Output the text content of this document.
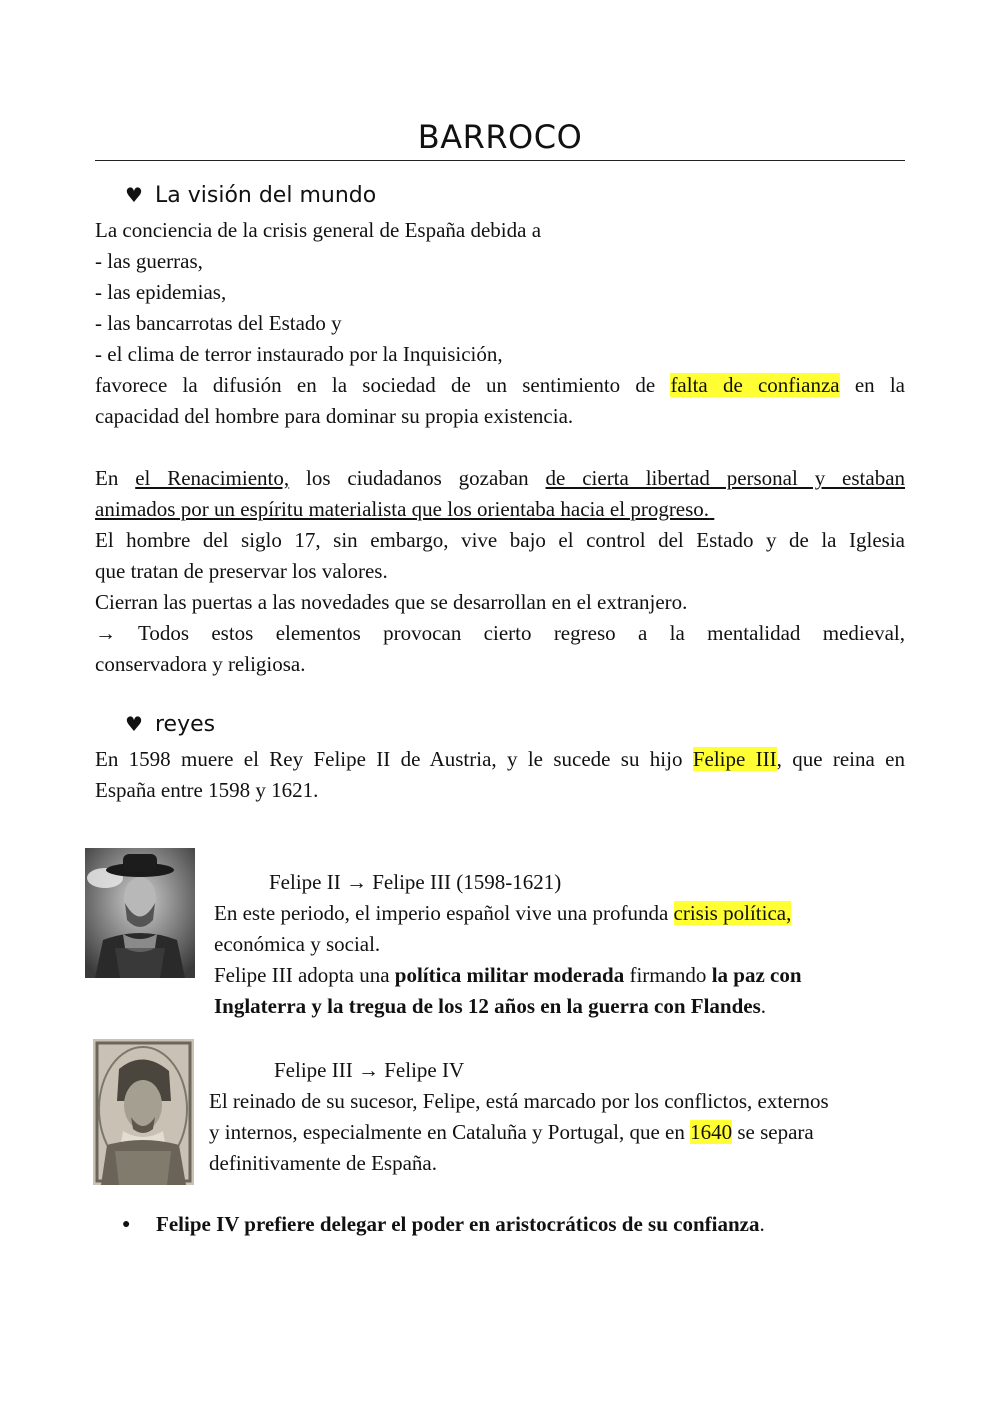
BARROCO
♥ La visión del mundo
La conciencia de la crisis general de España debida a
- las guerras,
- las epidemias,
- las bancarrotas del Estado y
- el clima de terror instaurado por la Inquisición,
favorece la difusión en la sociedad de un sentimiento de falta de confianza en la
capacidad del hombre para dominar su propia existencia.

En el Renacimiento, los ciudadanos gozaban de cierta libertad personal y estaban
animados por un espíritu materialista que los orientaba hacia el progreso.
El hombre del siglo 17, sin embargo, vive bajo el control del Estado y de la Iglesia
que tratan de preservar los valores.
Cierran las puertas a las novedades que se desarrollan en el extranjero.
→ Todos estos elementos provocan cierto regreso a la mentalidad medieval,
conservadora y religiosa.
♥ reyes
En 1598 muere el Rey Felipe II de Austria, y le sucede su hijo Felipe III, que reina en
España entre 1598 y 1621.
Felipe II → Felipe III (1598-1621)
En este periodo, el imperio español vive una profunda crisis política,
económica y social.
Felipe III adopta una política militar moderada firmando la paz con
Inglaterra y la tregua de los 12 años en la guerra con Flandes.
Felipe III → Felipe IV
El reinado de su sucesor, Felipe, está marcado por los conflictos, externos
y internos, especialmente en Cataluña y Portugal, que en 1640 se separa
definitivamente de España.
● Felipe IV prefiere delegar el poder en aristocráticos de su confianza.
